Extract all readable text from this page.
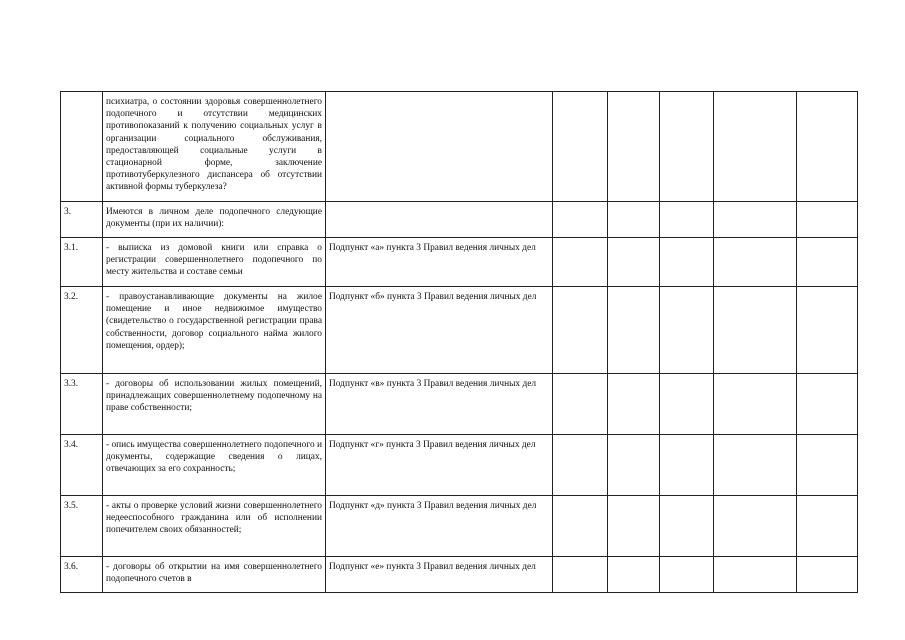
	психиатра, о состоянии здоровья совершеннолетнего подопечного и отсутствии медицинских противопоказаний к получению социальных услуг в организации социального обслуживания, предоставляющей социальные услуги в стационарной форме, заключение противотуберкулезного диспансера об отсутствии активной формы туберкулеза?						
3.	Имеются в личном деле подопечного следующие документы (при их наличии):						
3.1.	- выписка из домовой книги или справка о регистрации совершеннолетнего подопечного по месту жительства и составе семьи	Подпункт «а» пункта 3 Правил ведения личных дел					
3.2.	- правоустанавливающие документы на жилое помещение и иное недвижимое имущество (свидетельство о государственной регистрации права собственности, договор социального найма жилого помещения, ордер);	Подпункт «б» пункта 3 Правил ведения личных дел					
3.3.	- договоры об использовании жилых помещений, принадлежащих совершеннолетнему подопечному на праве собственности;	Подпункт «в» пункта 3 Правил ведения личных дел					
3.4.	- опись имущества совершеннолетнего подопечного и документы, содержащие сведения о лицах, отвечающих за его сохранность;	Подпункт «г» пункта 3 Правил ведения личных дел					
3.5.	- акты о проверке условий жизни совершеннолетнего недееспособного гражданина или об исполнении попечителем своих обязанностей;	Подпункт «д» пункта 3 Правил ведения личных дел					
3.6.	- договоры об открытии на имя совершеннолетнего подопечного счетов в	Подпункт «е» пункта 3 Правил ведения личных дел					
